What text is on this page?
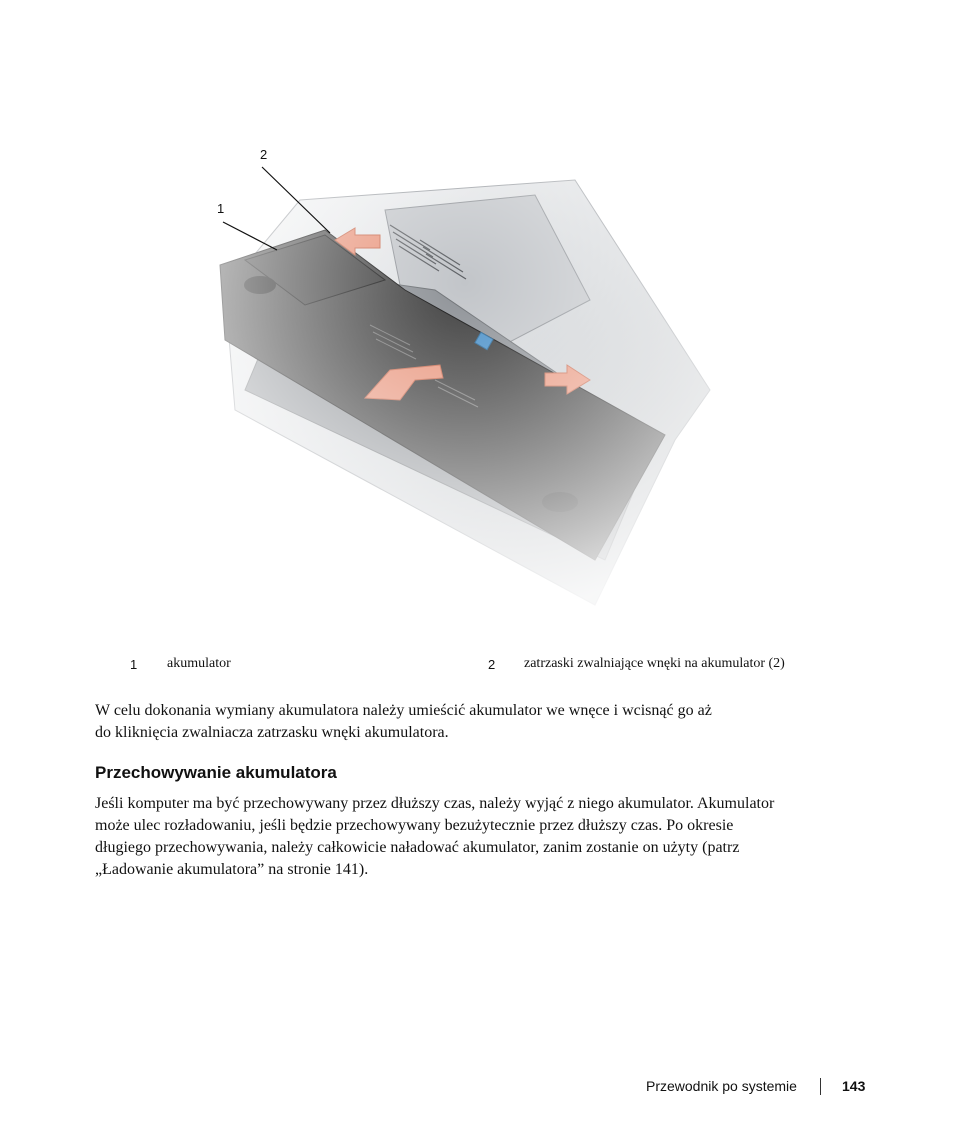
1
2
1 akumulator	2 zatrzaski zwalniające wnęki na akumulator (2)

W celu dokonania wymiany akumulatora należy umieścić akumulator we wnęce i wcisnąć go aż
do kliknięcia zwalniacza zatrzasku wnęki akumulatora.

Przechowywanie akumulatora

Jeśli komputer ma być przechowywany przez dłuższy czas, należy wyjąć z niego akumulator. Akumulator
może ulec rozładowaniu, jeśli będzie przechowywany bezużytecznie przez dłuższy czas. Po okresie
długiego przechowywania, należy całkowicie naładować akumulator, zanim zostanie on użyty (patrz
„Ładowanie akumulatora” na stronie 141).

Przewodnik po systemie	143
